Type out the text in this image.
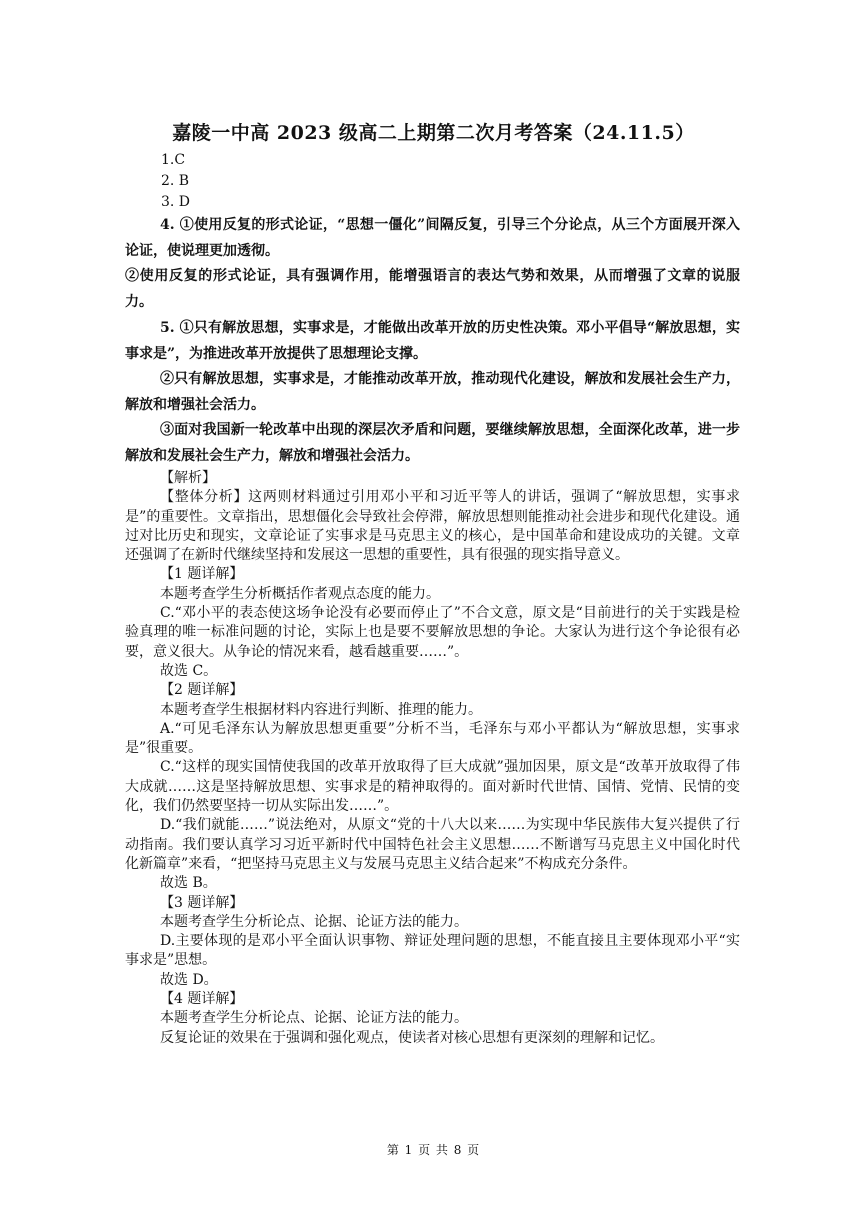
嘉陵一中高 2023 级高二上期第二次月考答案（24.11.5）

1.C

2. B

3. D

4. ①使用反复的形式论证，“思想一僵化”间隔反复，引导三个分论点，从三个方面展开深入论证，使说理更加透彻。

②使用反复的形式论证，具有强调作用，能增强语言的表达气势和效果，从而增强了文章的说服力。

5. ①只有解放思想，实事求是，才能做出改革开放的历史性决策。邓小平倡导“解放思想，实事求是”，为推进改革开放提供了思想理论支撑。

②只有解放思想，实事求是，才能推动改革开放，推动现代化建设，解放和发展社会生产力，解放和增强社会活力。

③面对我国新一轮改革中出现的深层次矛盾和问题，要继续解放思想，全面深化改革，进一步解放和发展社会生产力，解放和增强社会活力。

【解析】

【整体分析】这两则材料通过引用邓小平和习近平等人的讲话，强调了“解放思想，实事求是”的重要性。文章指出，思想僵化会导致社会停滞，解放思想则能推动社会进步和现代化建设。通过对比历史和现实，文章论证了实事求是马克思主义的核心，是中国革命和建设成功的关键。文章还强调了在新时代继续坚持和发展这一思想的重要性，具有很强的现实指导意义。

【1 题详解】

本题考查学生分析概括作者观点态度的能力。

C.“邓小平的表态使这场争论没有必要而停止了”不合文意，原文是“目前进行的关于实践是检验真理的唯一标准问题的讨论，实际上也是要不要解放思想的争论。大家认为进行这个争论很有必要，意义很大。从争论的情况来看，越看越重要……”。

故选 C。

【2 题详解】

本题考查学生根据材料内容进行判断、推理的能力。

A.“可见毛泽东认为解放思想更重要”分析不当，毛泽东与邓小平都认为“解放思想，实事求是”很重要。

C.“这样的现实国情使我国的改革开放取得了巨大成就”强加因果，原文是“改革开放取得了伟大成就……这是坚持解放思想、实事求是的精神取得的。面对新时代世情、国情、党情、民情的变化，我们仍然要坚持一切从实际出发……”。

D.“我们就能……”说法绝对，从原文“党的十八大以来……为实现中华民族伟大复兴提供了行动指南。我们要认真学习习近平新时代中国特色社会主义思想……不断谱写马克思主义中国化时代化新篇章”来看，“把坚持马克思主义与发展马克思主义结合起来”不构成充分条件。

故选 B。

【3 题详解】

本题考查学生分析论点、论据、论证方法的能力。

D.主要体现的是邓小平全面认识事物、辩证处理问题的思想，不能直接且主要体现邓小平“实事求是”思想。

故选 D。

【4 题详解】

本题考查学生分析论点、论据、论证方法的能力。

反复论证的效果在于强调和强化观点，使读者对核心思想有更深刻的理解和记忆。

第 1 页 共 8 页
